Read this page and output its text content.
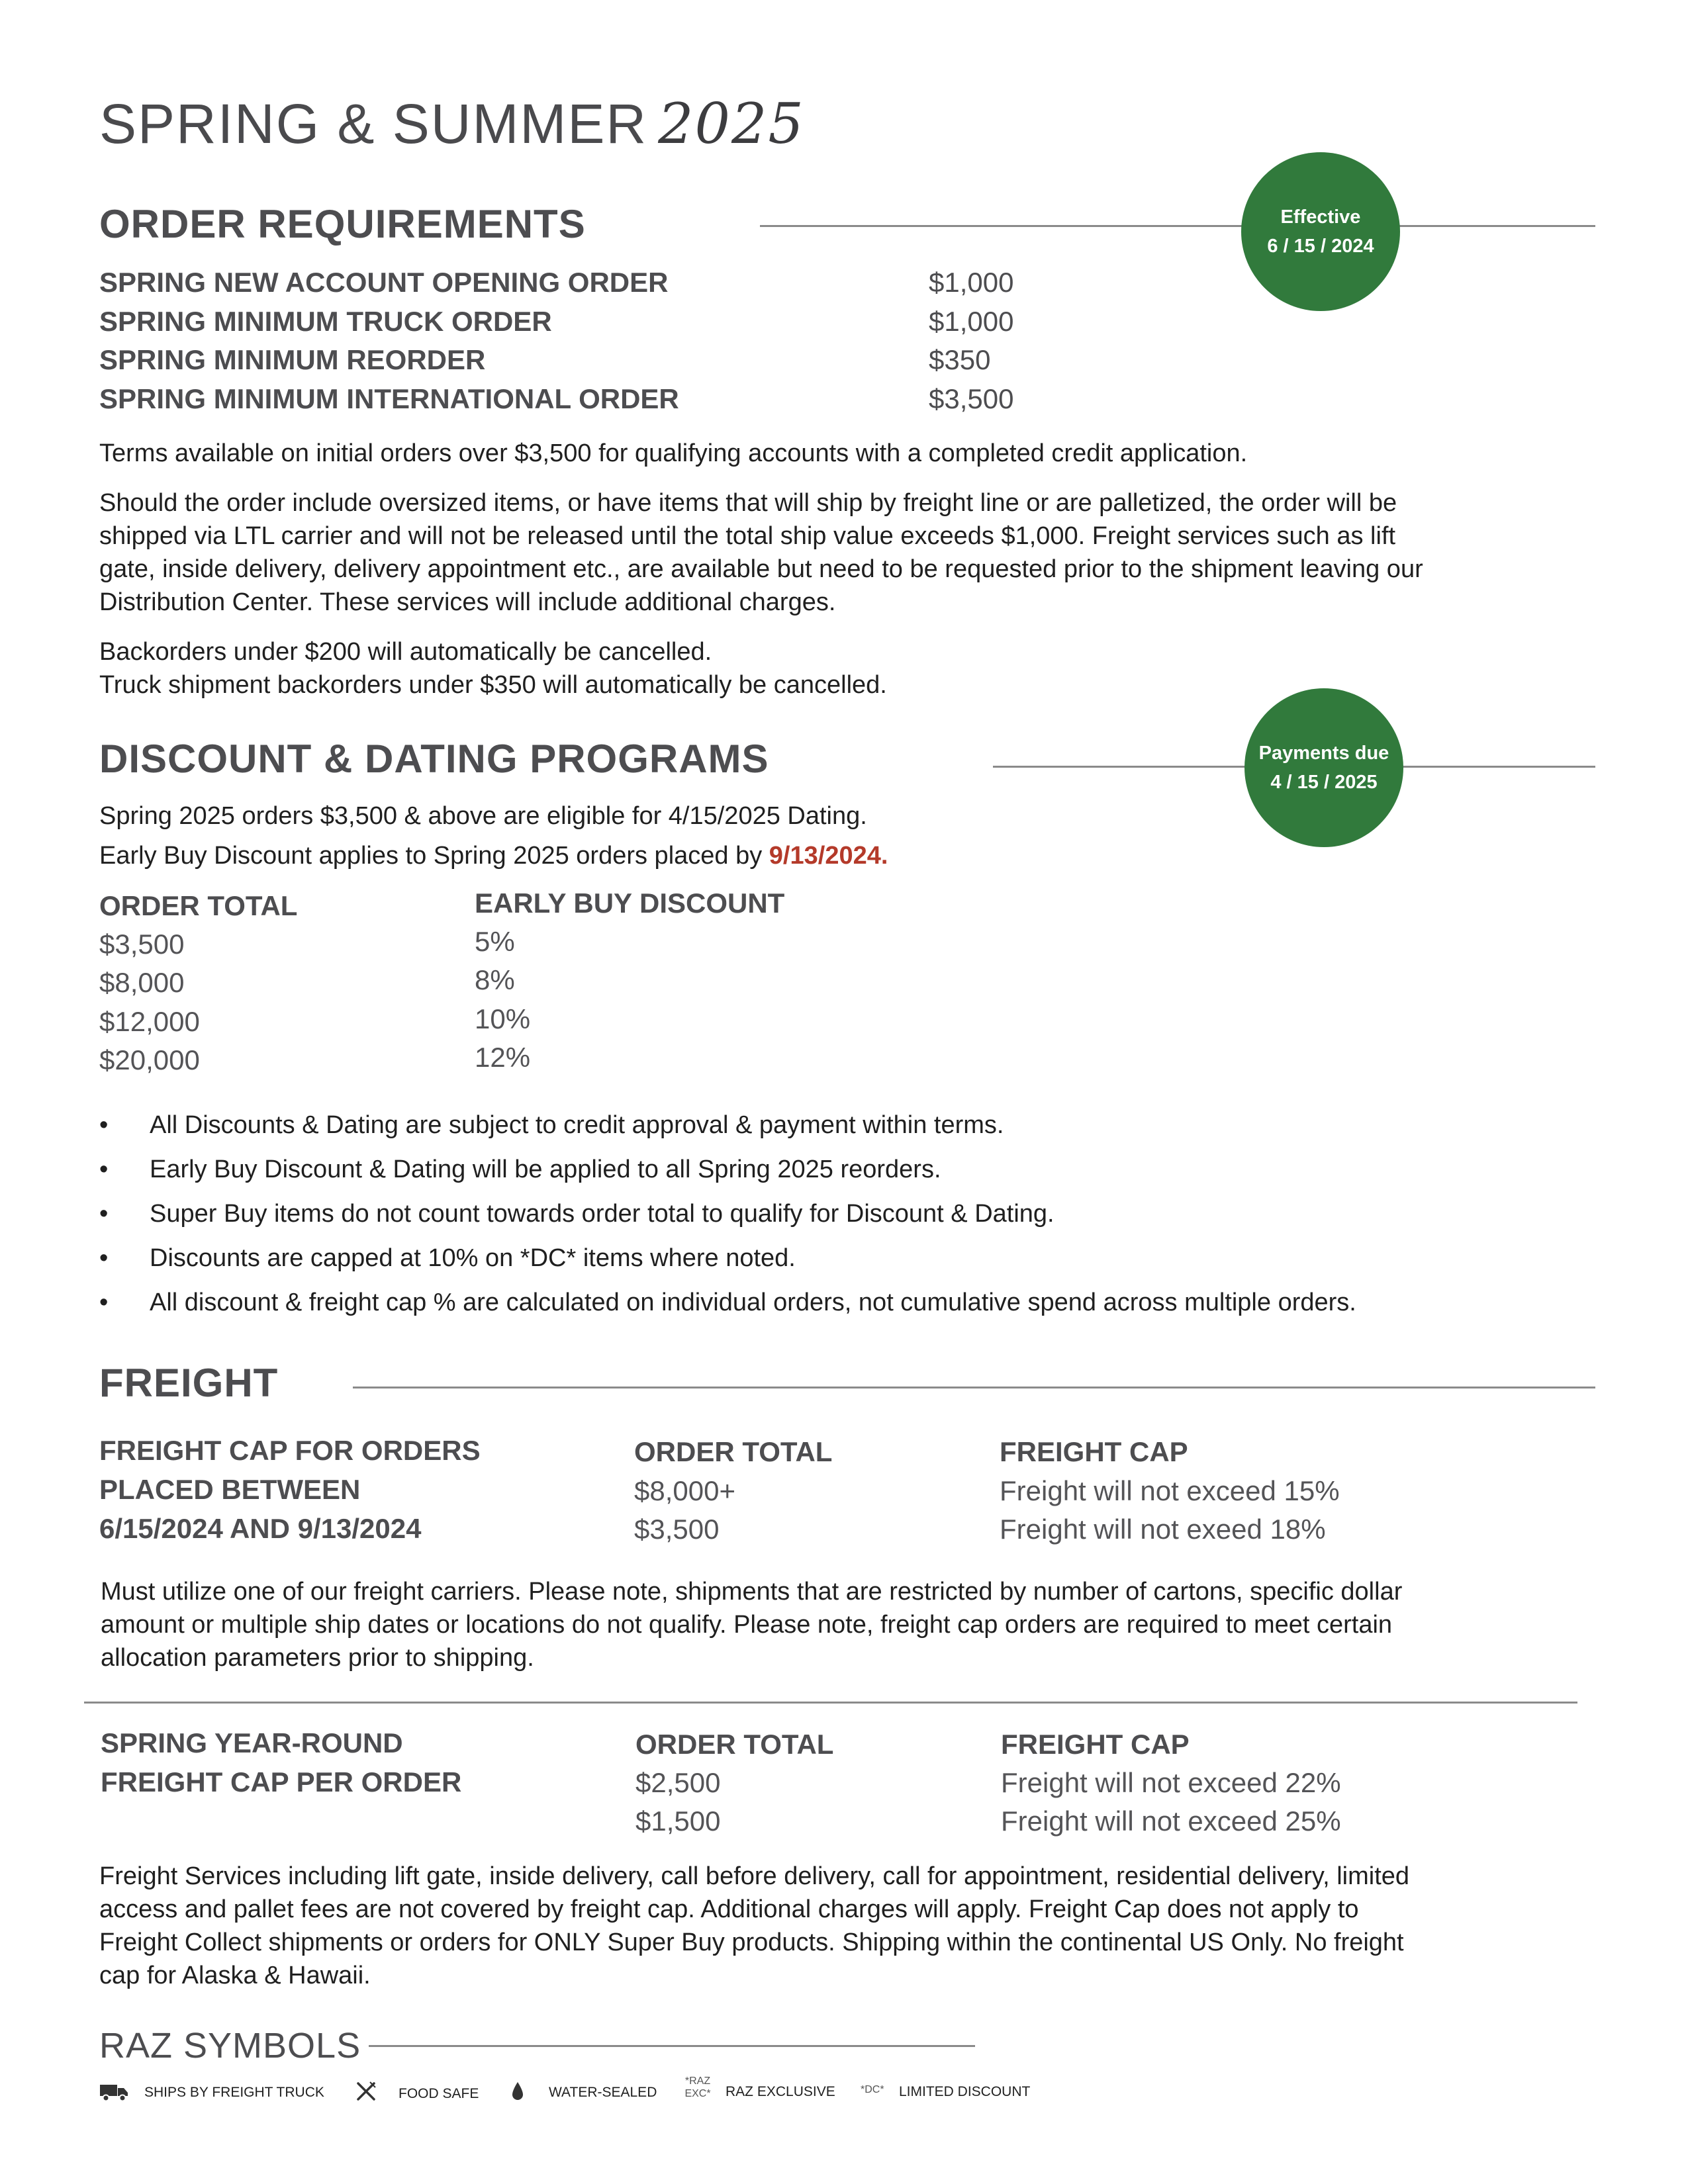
SPRING & SUMMER 2025
ORDER REQUIREMENTS	Effective
6 / 15 / 2024
SPRING NEW ACCOUNT OPENING ORDER	$1,000
SPRING MINIMUM TRUCK ORDER	$1,000
SPRING MINIMUM REORDER	$350
SPRING MINIMUM INTERNATIONAL ORDER	$3,500
Terms available on initial orders over $3,500 for qualifying accounts with a completed credit application.
Should the order include oversized items, or have items that will ship by freight line or are palletized, the order will be
shipped via LTL carrier and will not be released until the total ship value exceeds $1,000. Freight services such as lift
gate, inside delivery, delivery appointment etc., are available but need to be requested prior to the shipment leaving our
Distribution Center. These services will include additional charges.
Backorders under $200 will automatically be cancelled.
Truck shipment backorders under $350 will automatically be cancelled.
DISCOUNT & DATING PROGRAMS	Payments due
4 / 15 / 2025
Spring 2025 orders $3,500 & above are eligible for 4/15/2025 Dating.
Early Buy Discount applies to Spring 2025 orders placed by 9/13/2024.
ORDER TOTAL	EARLY BUY DISCOUNT
$3,500	5%
$8,000	8%
$12,000	10%
$20,000	12%
• All Discounts & Dating are subject to credit approval & payment within terms.
• Early Buy Discount & Dating will be applied to all Spring 2025 reorders.
• Super Buy items do not count towards order total to qualify for Discount & Dating.
• Discounts are capped at 10% on *DC* items where noted.
• All discount & freight cap % are calculated on individual orders, not cumulative spend across multiple orders.
FREIGHT
FREIGHT CAP FOR ORDERS
PLACED BETWEEN
6/15/2024 AND 9/13/2024
ORDER TOTAL	FREIGHT CAP
$8,000+	Freight will not exceed 15%
$3,500	Freight will not exeed 18%
Must utilize one of our freight carriers. Please note, shipments that are restricted by number of cartons, specific dollar
amount or multiple ship dates or locations do not qualify. Please note, freight cap orders are required to meet certain
allocation parameters prior to shipping.
SPRING YEAR-ROUND
FREIGHT CAP PER ORDER
ORDER TOTAL	FREIGHT CAP
$2,500	Freight will not exceed 22%
$1,500	Freight will not exceed 25%
Freight Services including lift gate, inside delivery, call before delivery, call for appointment, residential delivery, limited
access and pallet fees are not covered by freight cap. Additional charges will apply. Freight Cap does not apply to
Freight Collect shipments or orders for ONLY Super Buy products. Shipping within the continental US Only. No freight
cap for Alaska & Hawaii.
RAZ SYMBOLS
SHIPS BY FREIGHT TRUCK	FOOD SAFE	WATER-SEALED
*RAZ
EXC* RAZ EXCLUSIVE *DC* LIMITED DISCOUNT
